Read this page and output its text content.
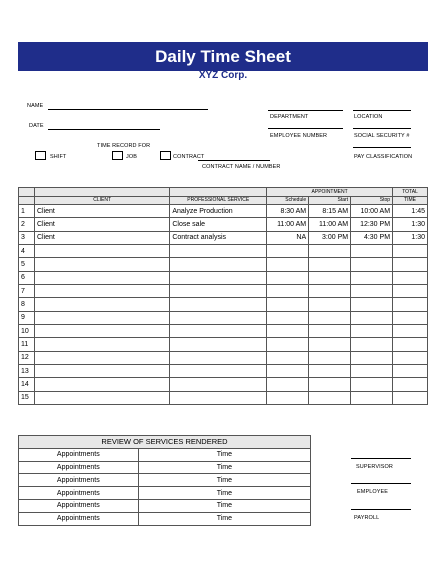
Daily Time Sheet
XYZ Corp.
NAME
DATE
TIME RECORD FOR
SHIFT	JOB	CONTRACT
CONTRACT NAME / NUMBER
DEPARTMENT	LOCATION
EMPLOYEE NUMBER	SOCIAL SECURITY #
PAY CLASSIFICATION
			APPOINTMENT			TOTAL
	CLIENT	PROFESSIONAL SERVICE	Schedule	Start	Stop	TIME
1	Client	Analyze Production	8:30 AM	8:15 AM	10:00 AM	1:45
2	Client	Close sale	11:00 AM	11:00 AM	12:30 PM	1:30
3	Client	Contract analysis	NA	3:00 PM	4:30 PM	1:30
4						
5						
6						
7						
8						
9						
10						
11						
12						
13						
14						
15						
REVIEW OF SERVICES RENDERED	
Appointments	Time
Appointments	Time
Appointments	Time
Appointments	Time
Appointments	Time
Appointments	Time
SUPERVISOR
EMPLOYEE
PAYROLL
